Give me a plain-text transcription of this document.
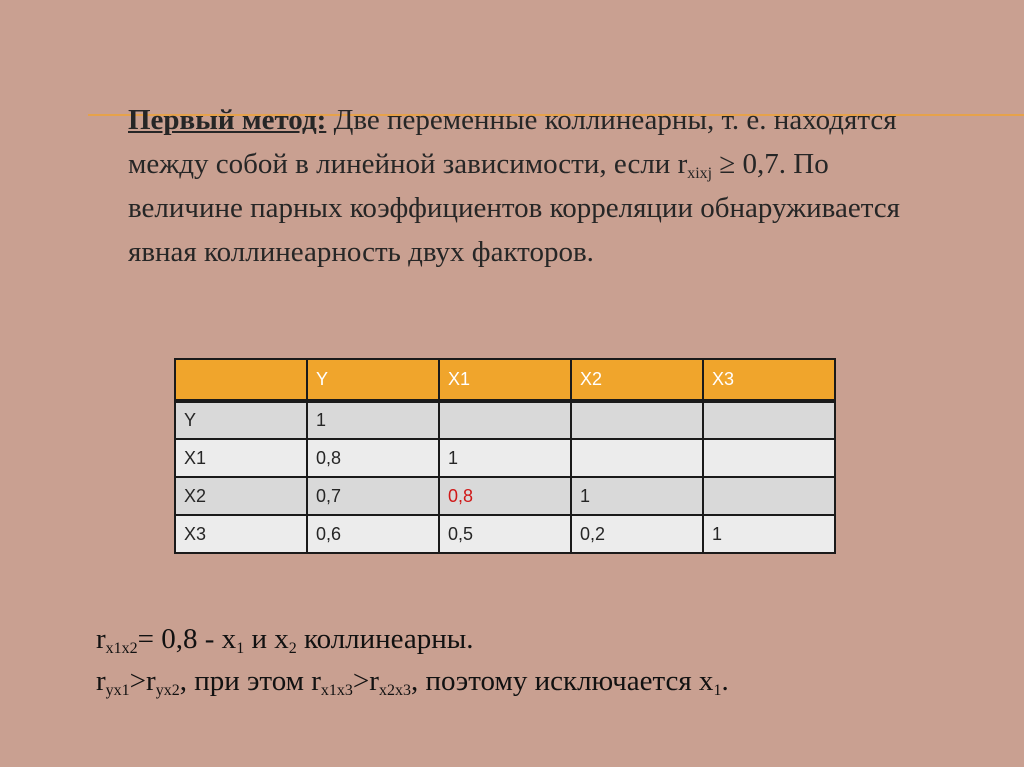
Первый метод: Две переменные коллинеарны, т. е. находятся между собой в линейной зависимости, если $r_{xixj} \ge 0,7$. По величине парных коэффициентов корреляции обнаруживается явная коллинеарность двух факторов.
	Y	X1	X2	X3
Y	1			
X1	0,8	1		
X2	0,7	0,8	1	
X3	0,6	0,5	0,2	1
$r_{x1x2}= 0,8 - x_1$ и $x_2$ коллинеарны.
$r_{yx1}>r_{yx2}$, при этом $r_{x1x3}>r_{x2x3}$, поэтому исключается $x_1$.
